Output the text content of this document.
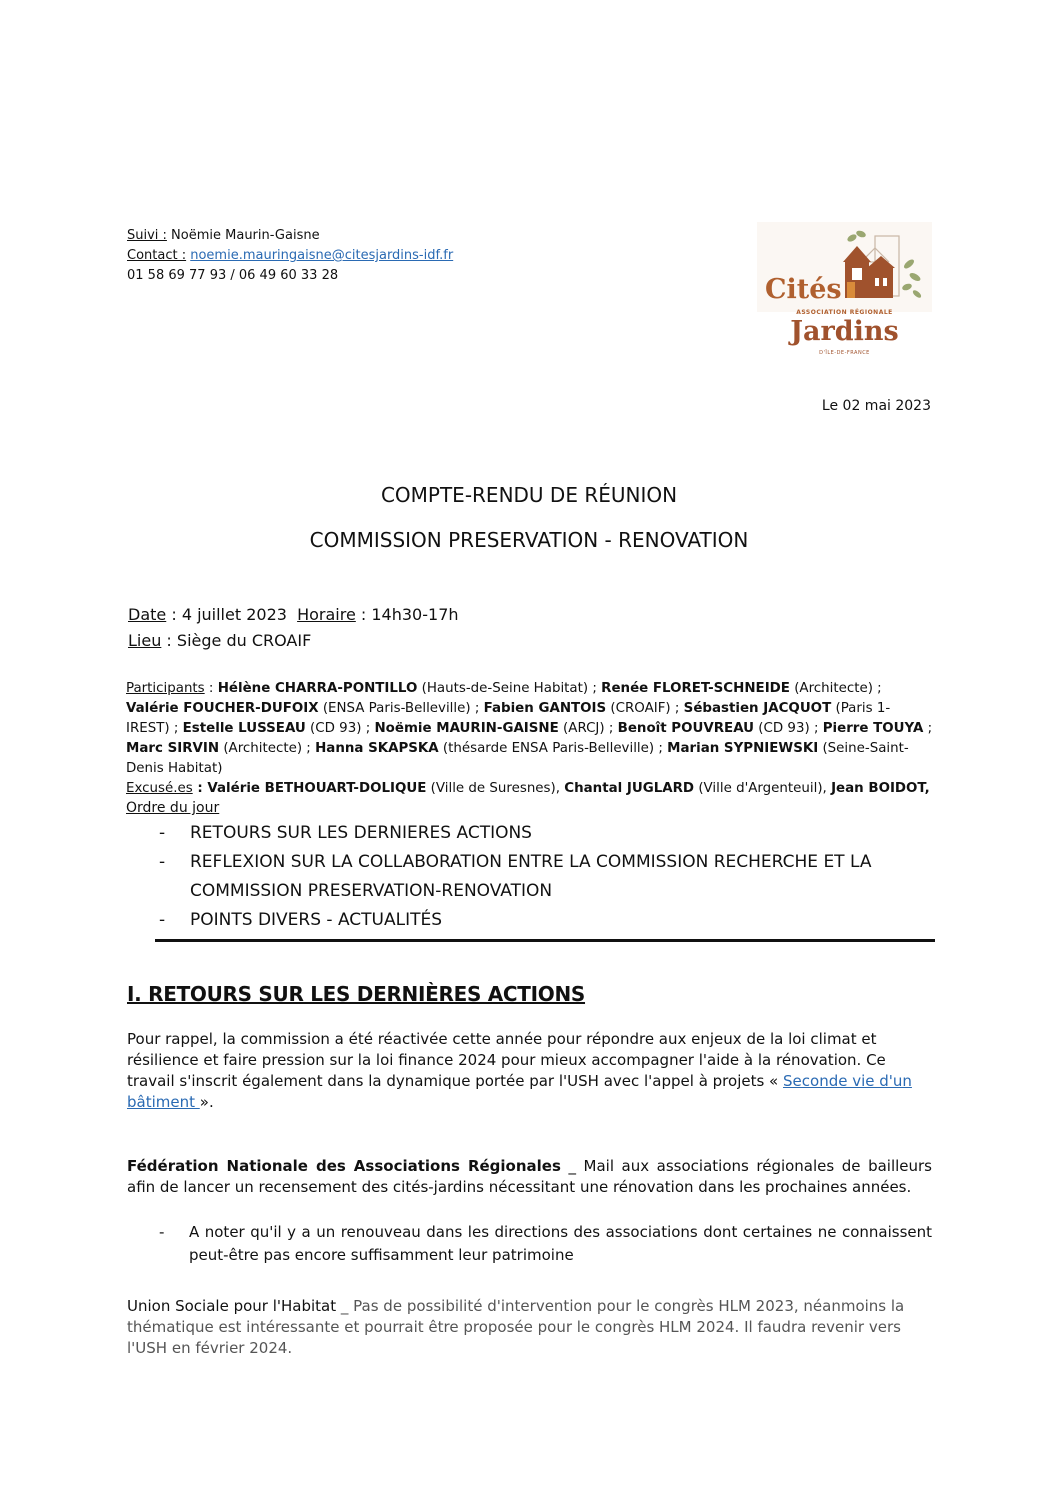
Suivi : Noëmie Maurin-Gaisne
Contact : noemie.mauringaisne@citesjardins-idf.fr
01 58 69 77 93 / 06 49 60 33 28	Cités
ASSOCIATION RÉGIONALE
Jardins
D'ÎLE-DE-FRANCE
Le 02 mai 2023
COMPTE-RENDU DE RÉUNION
COMMISSION PRESERVATION - RENOVATION
Date : 4 juillet 2023  Horaire : 14h30-17h
Lieu : Siège du CROAIF
Participants : Hélène CHARRA-PONTILLO (Hauts-de-Seine Habitat) ; Renée FLORET-SCHNEIDE (Architecte) ; Valérie FOUCHER-DUFOIX (ENSA Paris-Belleville) ; Fabien GANTOIS (CROAIF) ; Sébastien JACQUOT (Paris 1- IREST) ; Estelle LUSSEAU (CD 93) ; Noëmie MAURIN-GAISNE (ARCJ) ; Benoît POUVREAU (CD 93) ; Pierre TOUYA ; Marc SIRVIN (Architecte) ; Hanna SKAPSKA (thésarde ENSA Paris-Belleville) ; Marian SYPNIEWSKI (Seine-Saint-Denis Habitat)
Excusé.es : Valérie BETHOUART-DOLIQUE (Ville de Suresnes), Chantal JUGLARD (Ville d'Argenteuil), Jean BOIDOT,
Ordre du jour
- RETOURS SUR LES DERNIERES ACTIONS
- REFLEXION SUR LA COLLABORATION ENTRE LA COMMISSION RECHERCHE ET LA COMMISSION PRESERVATION-RENOVATION
- POINTS DIVERS - ACTUALITÉS
I. RETOURS SUR LES DERNIÈRES ACTIONS
Pour rappel, la commission a été réactivée cette année pour répondre aux enjeux de la loi climat et résilience et faire pression sur la loi finance 2024 pour mieux accompagner l'aide à la rénovation. Ce travail s'inscrit également dans la dynamique portée par l'USH avec l'appel à projets « Seconde vie d'un bâtiment ».
Fédération Nationale des Associations Régionales _ Mail aux associations régionales de bailleurs afin de lancer un recensement des cités-jardins nécessitant une rénovation dans les prochaines années.
-	A noter qu'il y a un renouveau dans les directions des associations dont certaines ne connaissent peut-être pas encore suffisamment leur patrimoine
Union Sociale pour l'Habitat _ Pas de possibilité d'intervention pour le congrès HLM 2023, néanmoins la thématique est intéressante et pourrait être proposée pour le congrès HLM 2024. Il faudra revenir vers l'USH en février 2024.
